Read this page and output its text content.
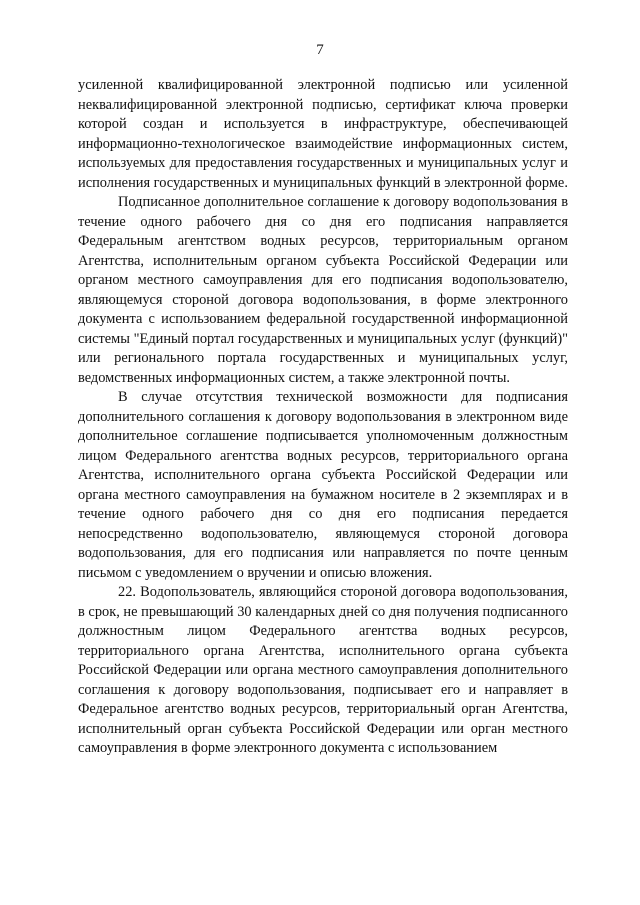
7

усиленной квалифицированной электронной подписью или усиленной неквалифицированной электронной подписью, сертификат ключа проверки которой создан и используется в инфраструктуре, обеспечивающей информационно-технологическое взаимодействие информационных систем, используемых для предоставления государственных и муниципальных услуг и исполнения государственных и муниципальных функций в электронной форме.

Подписанное дополнительное соглашение к договору водопользования в течение одного рабочего дня со дня его подписания направляется Федеральным агентством водных ресурсов, территориальным органом Агентства, исполнительным органом субъекта Российской Федерации или органом местного самоуправления для его подписания водопользователю, являющемуся стороной договора водопользования, в форме электронного документа с использованием федеральной государственной информационной системы "Единый портал государственных и муниципальных услуг (функций)" или регионального портала государственных и муниципальных услуг, ведомственных информационных систем, а также электронной почты.

В случае отсутствия технической возможности для подписания дополнительного соглашения к договору водопользования в электронном виде дополнительное соглашение подписывается уполномоченным должностным лицом Федерального агентства водных ресурсов, территориального органа Агентства, исполнительного органа субъекта Российской Федерации или органа местного самоуправления на бумажном носителе в 2 экземплярах и в течение одного рабочего дня со дня его подписания передается непосредственно водопользователю, являющемуся стороной договора водопользования, для его подписания или направляется по почте ценным письмом с уведомлением о вручении и описью вложения.

22. Водопользователь, являющийся стороной договора водопользования, в срок, не превышающий 30 календарных дней со дня получения подписанного должностным лицом Федерального агентства водных ресурсов, территориального органа Агентства, исполнительного органа субъекта Российской Федерации или органа местного самоуправления дополнительного соглашения к договору водопользования, подписывает его и направляет в Федеральное агентство водных ресурсов, территориальный орган Агентства, исполнительный орган субъекта Российской Федерации или орган местного самоуправления в форме электронного документа с использованием
